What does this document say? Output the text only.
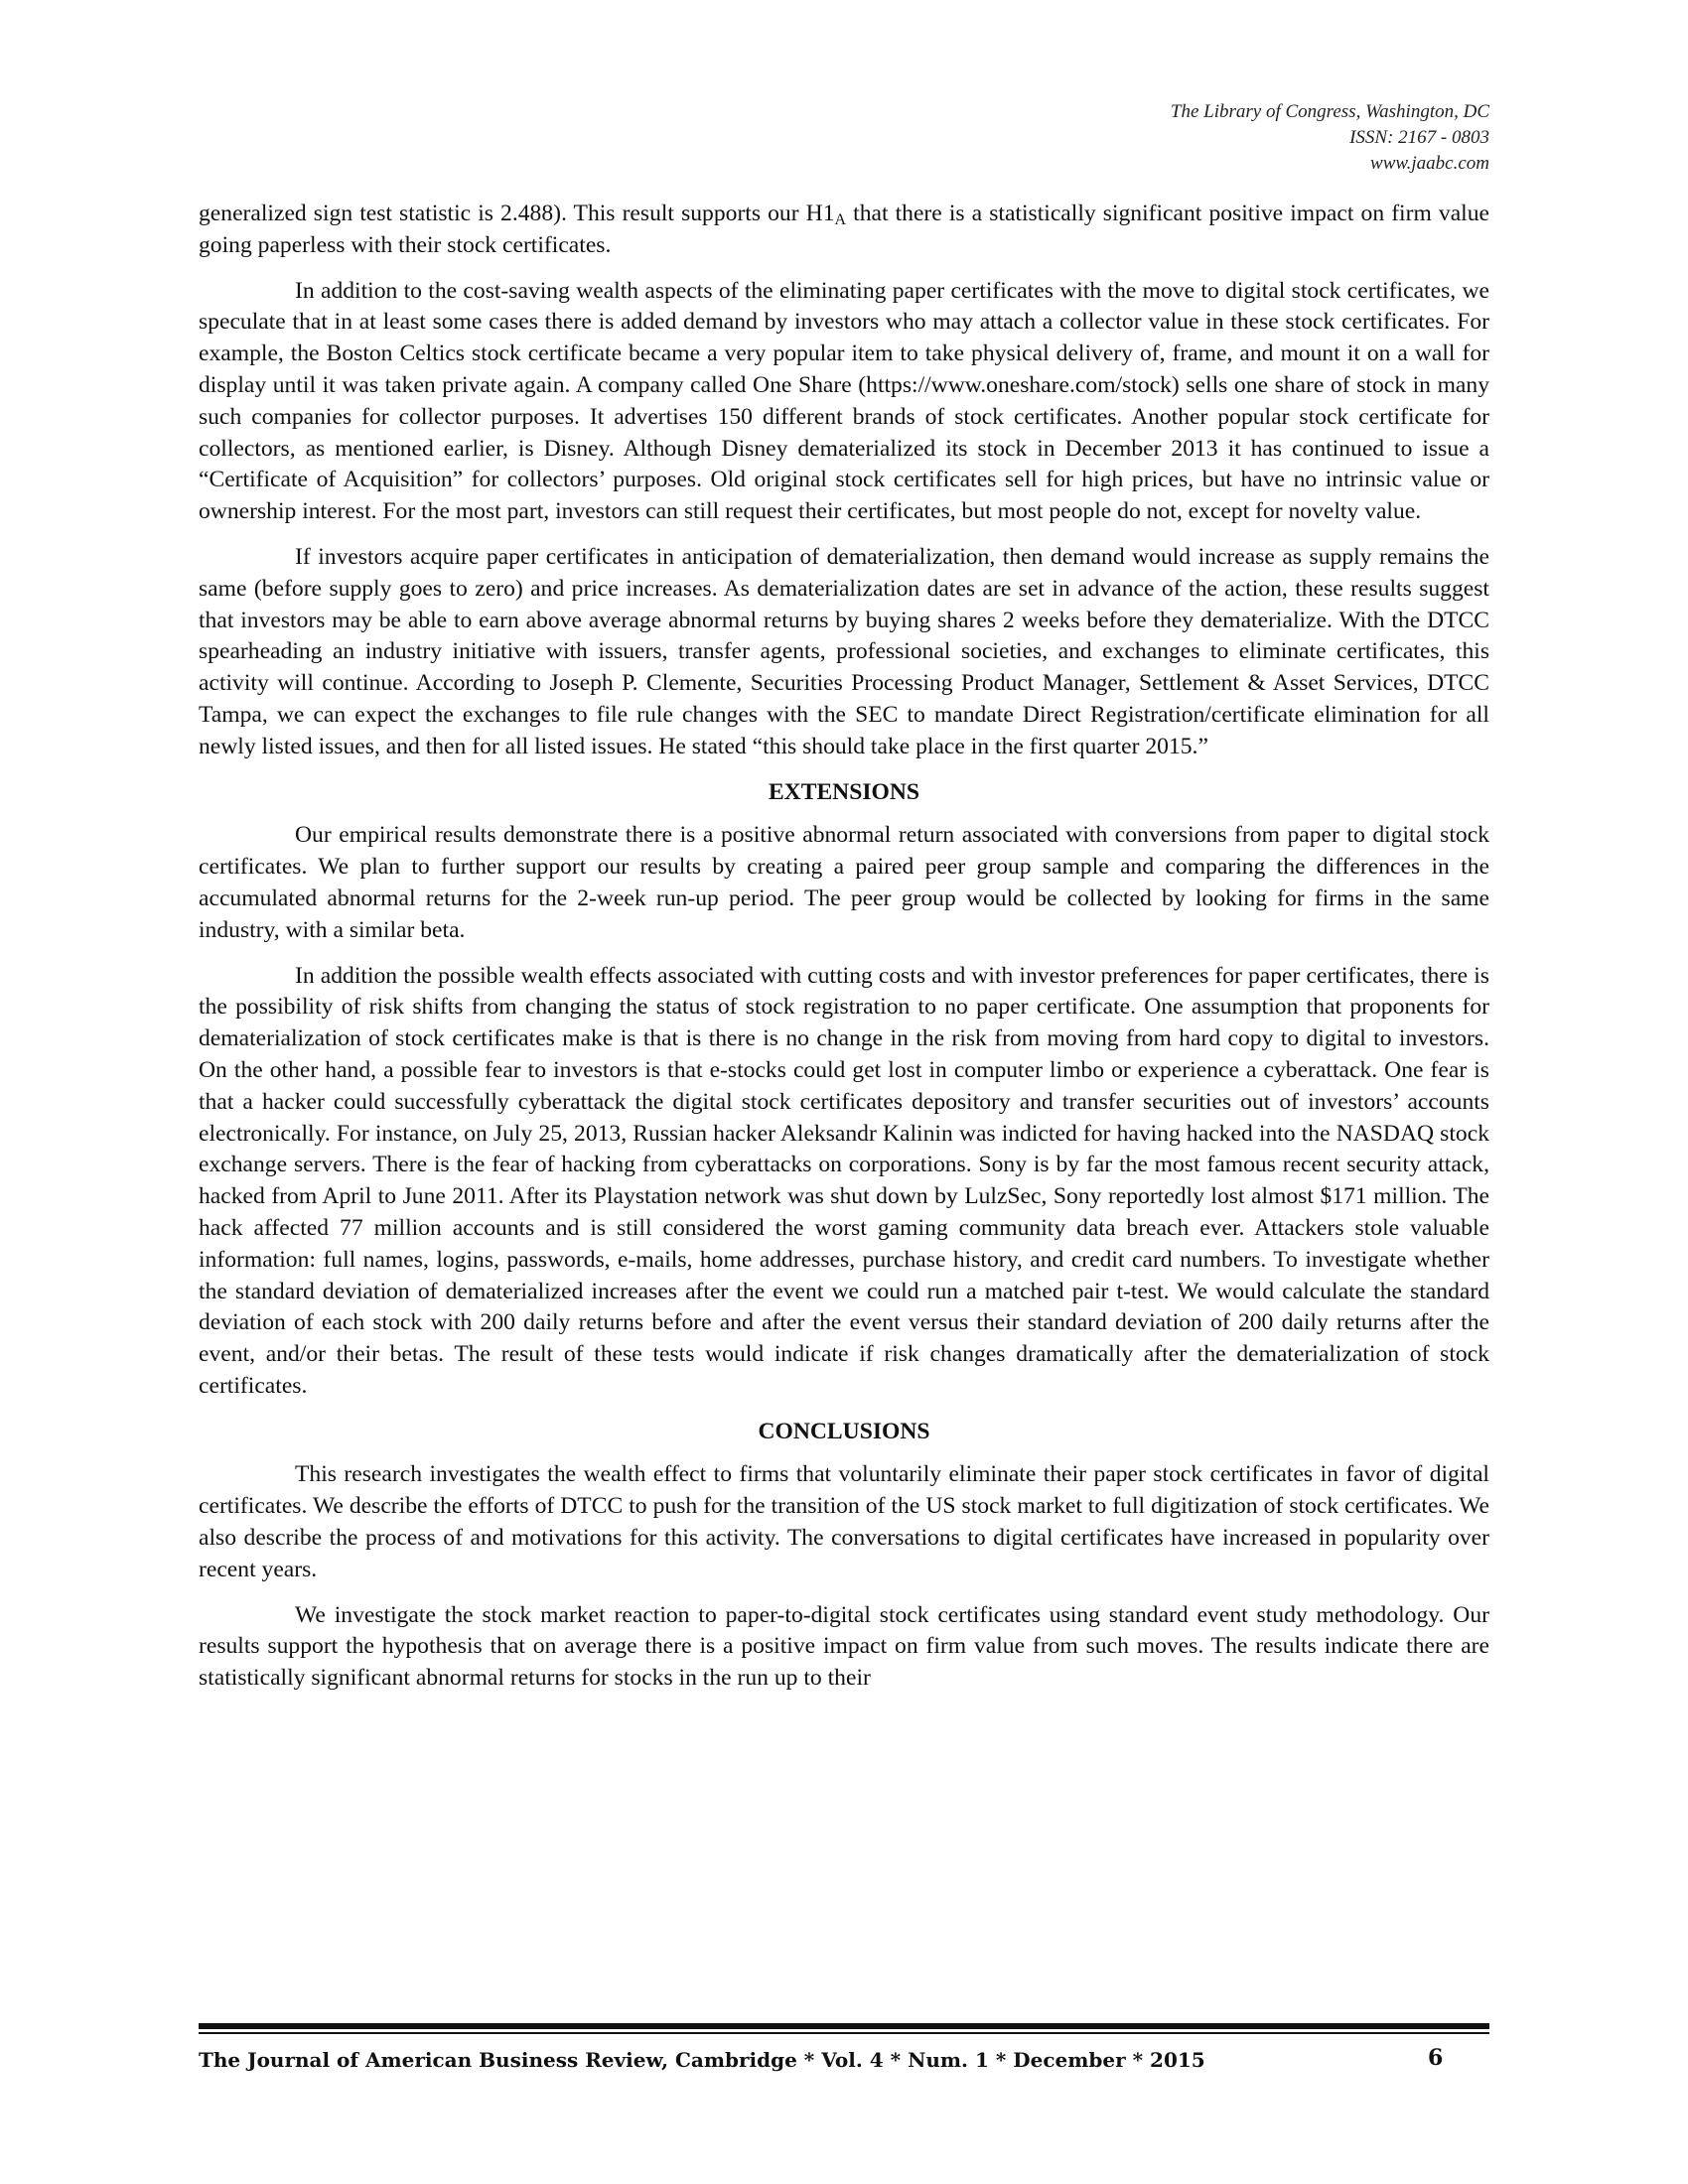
The Library of Congress, Washington, DC
ISSN: 2167 - 0803
www.jaabc.com

generalized sign test statistic is 2.488). This result supports our $H1_A$ that there is a statistically significant positive impact on firm value going paperless with their stock certificates.

In addition to the cost-saving wealth aspects of the eliminating paper certificates with the move to digital stock certificates, we speculate that in at least some cases there is added demand by investors who may attach a collector value in these stock certificates. For example, the Boston Celtics stock certificate became a very popular item to take physical delivery of, frame, and mount it on a wall for display until it was taken private again. A company called One Share (https://www.oneshare.com/stock) sells one share of stock in many such companies for collector purposes. It advertises 150 different brands of stock certificates. Another popular stock certificate for collectors, as mentioned earlier, is Disney. Although Disney dematerialized its stock in December 2013 it has continued to issue a “Certificate of Acquisition” for collectors’ purposes. Old original stock certificates sell for high prices, but have no intrinsic value or ownership interest. For the most part, investors can still request their certificates, but most people do not, except for novelty value.

If investors acquire paper certificates in anticipation of dematerialization, then demand would increase as supply remains the same (before supply goes to zero) and price increases. As dematerialization dates are set in advance of the action, these results suggest that investors may be able to earn above average abnormal returns by buying shares 2 weeks before they dematerialize. With the DTCC spearheading an industry initiative with issuers, transfer agents, professional societies, and exchanges to eliminate certificates, this activity will continue. According to Joseph P. Clemente, Securities Processing Product Manager, Settlement & Asset Services, DTCC Tampa, we can expect the exchanges to file rule changes with the SEC to mandate Direct Registration/certificate elimination for all newly listed issues, and then for all listed issues. He stated “this should take place in the first quarter 2015.”

EXTENSIONS

Our empirical results demonstrate there is a positive abnormal return associated with conversions from paper to digital stock certificates. We plan to further support our results by creating a paired peer group sample and comparing the differences in the accumulated abnormal returns for the 2-week run-up period. The peer group would be collected by looking for firms in the same industry, with a similar beta.

In addition the possible wealth effects associated with cutting costs and with investor preferences for paper certificates, there is the possibility of risk shifts from changing the status of stock registration to no paper certificate. One assumption that proponents for dematerialization of stock certificates make is that is there is no change in the risk from moving from hard copy to digital to investors. On the other hand, a possible fear to investors is that e-stocks could get lost in computer limbo or experience a cyberattack. One fear is that a hacker could successfully cyberattack the digital stock certificates depository and transfer securities out of investors’ accounts electronically. For instance, on July 25, 2013, Russian hacker Aleksandr Kalinin was indicted for having hacked into the NASDAQ stock exchange servers. There is the fear of hacking from cyberattacks on corporations. Sony is by far the most famous recent security attack, hacked from April to June 2011. After its Playstation network was shut down by LulzSec, Sony reportedly lost almost $171 million. The hack affected 77 million accounts and is still considered the worst gaming community data breach ever. Attackers stole valuable information: full names, logins, passwords, e-mails, home addresses, purchase history, and credit card numbers. To investigate whether the standard deviation of dematerialized increases after the event we could run a matched pair t-test. We would calculate the standard deviation of each stock with 200 daily returns before and after the event versus their standard deviation of 200 daily returns after the event, and/or their betas. The result of these tests would indicate if risk changes dramatically after the dematerialization of stock certificates.

CONCLUSIONS

This research investigates the wealth effect to firms that voluntarily eliminate their paper stock certificates in favor of digital certificates. We describe the efforts of DTCC to push for the transition of the US stock market to full digitization of stock certificates. We also describe the process of and motivations for this activity. The conversations to digital certificates have increased in popularity over recent years.

We investigate the stock market reaction to paper-to-digital stock certificates using standard event study methodology. Our results support the hypothesis that on average there is a positive impact on firm value from such moves. The results indicate there are statistically significant abnormal returns for stocks in the run up to their

The Journal of American Business Review, Cambridge * Vol. 4 * Num. 1 * December * 2015	6
